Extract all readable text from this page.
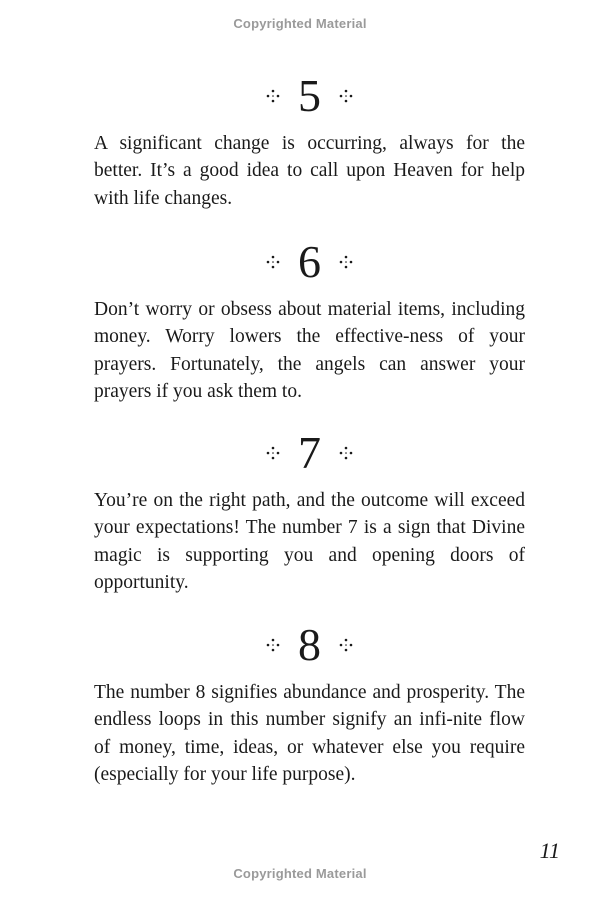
Copyrighted Material
5

A significant change is occurring, always for the better. It’s a good idea to call upon Heaven for help with life changes.

6

Don’t worry or obsess about material items, including money. Worry lowers the effective-ness of your prayers. Fortunately, the angels can answer your prayers if you ask them to.

7

You’re on the right path, and the outcome will exceed your expectations! The number 7 is a sign that Divine magic is supporting you and opening doors of opportunity.

8

The number 8 signifies abundance and prosperity. The endless loops in this number signify an infi-nite flow of money, time, ideas, or whatever else you require (especially for your life purpose).

11
Copyrighted Material
